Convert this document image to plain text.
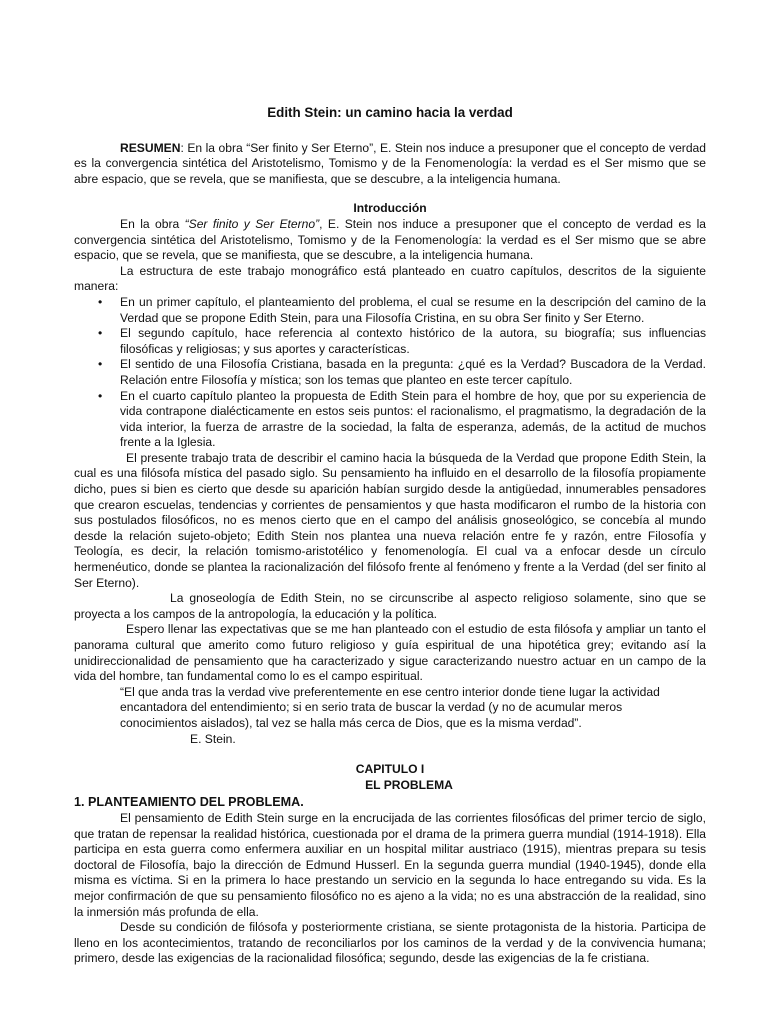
Edith Stein: un camino hacia la verdad

RESUMEN: En la obra “Ser finito y Ser Eterno”, E. Stein nos induce a presuponer que el concepto de verdad es la convergencia sintética del Aristotelismo, Tomismo y de la Fenomenología: la verdad es el Ser mismo que se abre espacio, que se revela, que se manifiesta, que se descubre, a la inteligencia humana.

Introducción

En la obra “Ser finito y Ser Eterno”, E. Stein nos induce a presuponer que el concepto de verdad es la convergencia sintética del Aristotelismo, Tomismo y de la Fenomenología: la verdad es el Ser mismo que se abre espacio, que se revela, que se manifiesta, que se descubre, a la inteligencia humana.

La estructura de este trabajo monográfico está planteado en cuatro capítulos, descritos de la siguiente manera:

• En un primer capítulo, el planteamiento del problema, el cual se resume en la descripción del camino de la Verdad que se propone Edith Stein, para una Filosofía Cristina, en su obra Ser finito y Ser Eterno.
• El segundo capítulo, hace referencia al contexto histórico de la autora, su biografía; sus influencias filosóficas y religiosas; y sus aportes y características.
• El sentido de una Filosofía Cristiana, basada en la pregunta: ¿qué es la Verdad? Buscadora de la Verdad. Relación entre Filosofía y mística; son los temas que planteo en este tercer capítulo.
• En el cuarto capítulo planteo la propuesta de Edith Stein para el hombre de hoy, que por su experiencia de vida contrapone dialécticamente en estos seis puntos: el racionalismo, el pragmatismo, la degradación de la vida interior, la fuerza de arrastre de la sociedad, la falta de esperanza, además, de la actitud de muchos frente a la Iglesia.

El presente trabajo trata de describir el camino hacia la búsqueda de la Verdad que propone Edith Stein, la cual es una filósofa mística del pasado siglo. Su pensamiento ha influido en el desarrollo de la filosofía propiamente dicho, pues si bien es cierto que desde su aparición habían surgido desde la antigüedad, innumerables pensadores que crearon escuelas, tendencias y corrientes de pensamientos y que hasta modificaron el rumbo de la historia con sus postulados filosóficos, no es menos cierto que en el campo del análisis gnoseológico, se concebía al mundo desde la relación sujeto-objeto; Edith Stein nos plantea una nueva relación entre fe y razón, entre Filosofía y Teología, es decir, la relación tomismo-aristotélico y fenomenología. El cual va a enfocar desde un círculo hermenéutico, donde se plantea la racionalización del filósofo frente al fenómeno y frente a la Verdad (del ser finito al Ser Eterno).

La gnoseología de Edith Stein, no se circunscribe al aspecto religioso solamente, sino que se proyecta a los campos de la antropología, la educación y la política.

Espero llenar las expectativas que se me han planteado con el estudio de esta filósofa y ampliar un tanto el panorama cultural que amerito como futuro religioso y guía espiritual de una hipotética grey; evitando así la unidireccionalidad de pensamiento que ha caracterizado y sigue caracterizando nuestro actuar en un campo de la vida del hombre, tan fundamental como lo es el campo espiritual.

“El que anda tras la verdad vive preferentemente en ese centro interior donde tiene lugar la actividad encantadora del entendimiento; si en serio trata de buscar la verdad (y no de acumular meros conocimientos aislados), tal vez se halla más cerca de Dios, que es la misma verdad”.

E. Stein.

CAPITULO I

EL PROBLEMA

1. PLANTEAMIENTO DEL PROBLEMA.

El pensamiento de Edith Stein surge en la encrucijada de las corrientes filosóficas del primer tercio de siglo, que tratan de repensar la realidad histórica, cuestionada por el drama de la primera guerra mundial (1914-1918). Ella participa en esta guerra como enfermera auxiliar en un hospital militar austriaco (1915), mientras prepara su tesis doctoral de Filosofía, bajo la dirección de Edmund Husserl. En la segunda guerra mundial (1940-1945), donde ella misma es víctima. Si en la primera lo hace prestando un servicio en la segunda lo hace entregando su vida. Es la mejor confirmación de que su pensamiento filosófico no es ajeno a la vida; no es una abstracción de la realidad, sino la inmersión más profunda de ella.

Desde su condición de filósofa y posteriormente cristiana, se siente protagonista de la historia. Participa de lleno en los acontecimientos, tratando de reconciliarlos por los caminos de la verdad y de la convivencia humana; primero, desde las exigencias de la racionalidad filosófica; segundo, desde las exigencias de la fe cristiana.
